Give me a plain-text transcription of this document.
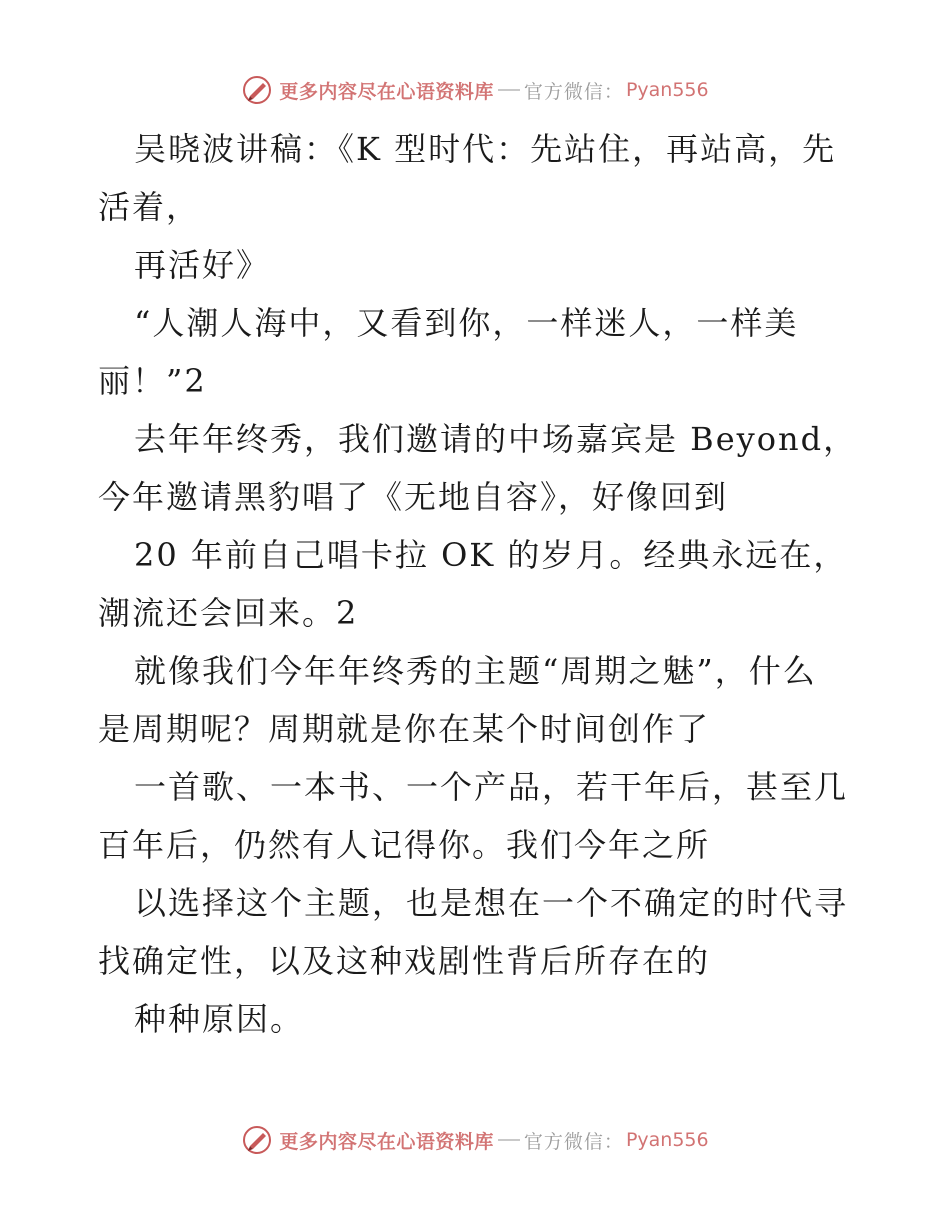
更多内容尽在心语资料库 官方微信： Pyan556
吴晓波讲稿：《K 型时代：先站住，再站高，先
活着，
再活好》
“人潮人海中，又看到你，一样迷人，一样美
丽！”2
去年年终秀，我们邀请的中场嘉宾是 Beyond，
今年邀请黑豹唱了《无地自容》，好像回到
20 年前自己唱卡拉 OK 的岁月。经典永远在，
潮流还会回来。2
就像我们今年年终秀的主题“周期之魅”，什么
是周期呢？周期就是你在某个时间创作了
一首歌、一本书、一个产品，若干年后，甚至几
百年后，仍然有人记得你。我们今年之所
以选择这个主题，也是想在一个不确定的时代寻
找确定性，以及这种戏剧性背后所存在的
种种原因。
更多内容尽在心语资料库 官方微信： Pyan556
